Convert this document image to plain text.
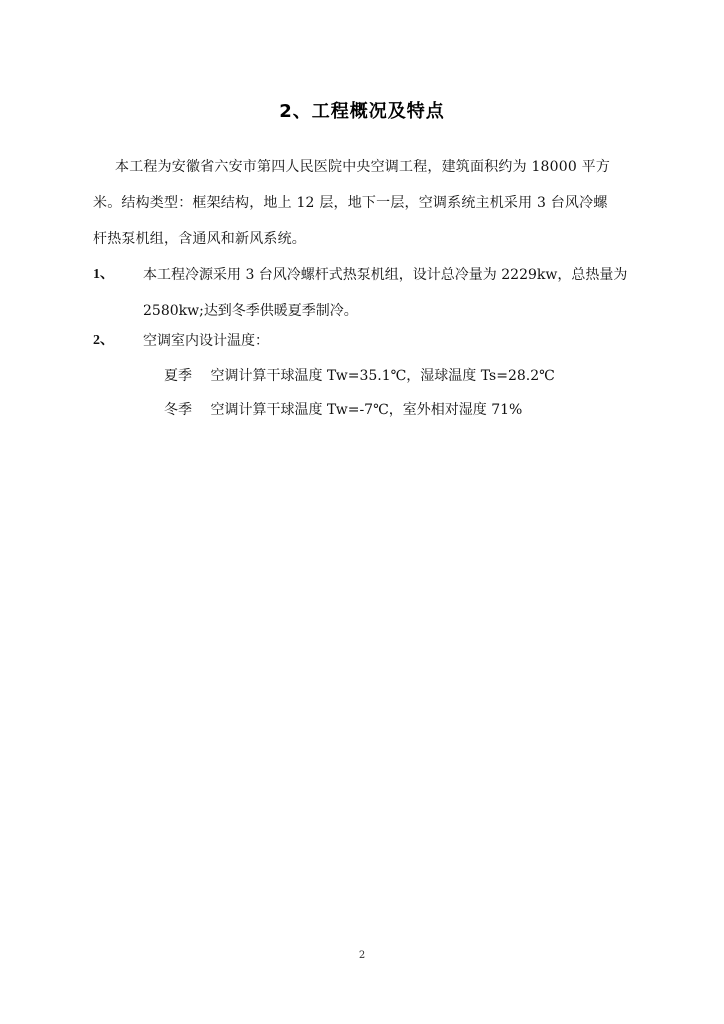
2、工程概况及特点
本工程为安徽省六安市第四人民医院中央空调工程，建筑面积约为 18000 平方
米。结构类型：框架结构，地上 12 层，地下一层，空调系统主机采用 3 台风冷螺
杆热泵机组，含通风和新风系统。
1、 本工程冷源采用 3 台风冷螺杆式热泵机组，设计总冷量为 2229kw，总热量为
2580kw;达到冬季供暖夏季制冷。
2、 空调室内设计温度：
夏季 空调计算干球温度 Tw=35.1℃，湿球温度 Ts=28.2℃
冬季 空调计算干球温度 Tw=-7℃，室外相对湿度 71%
2
